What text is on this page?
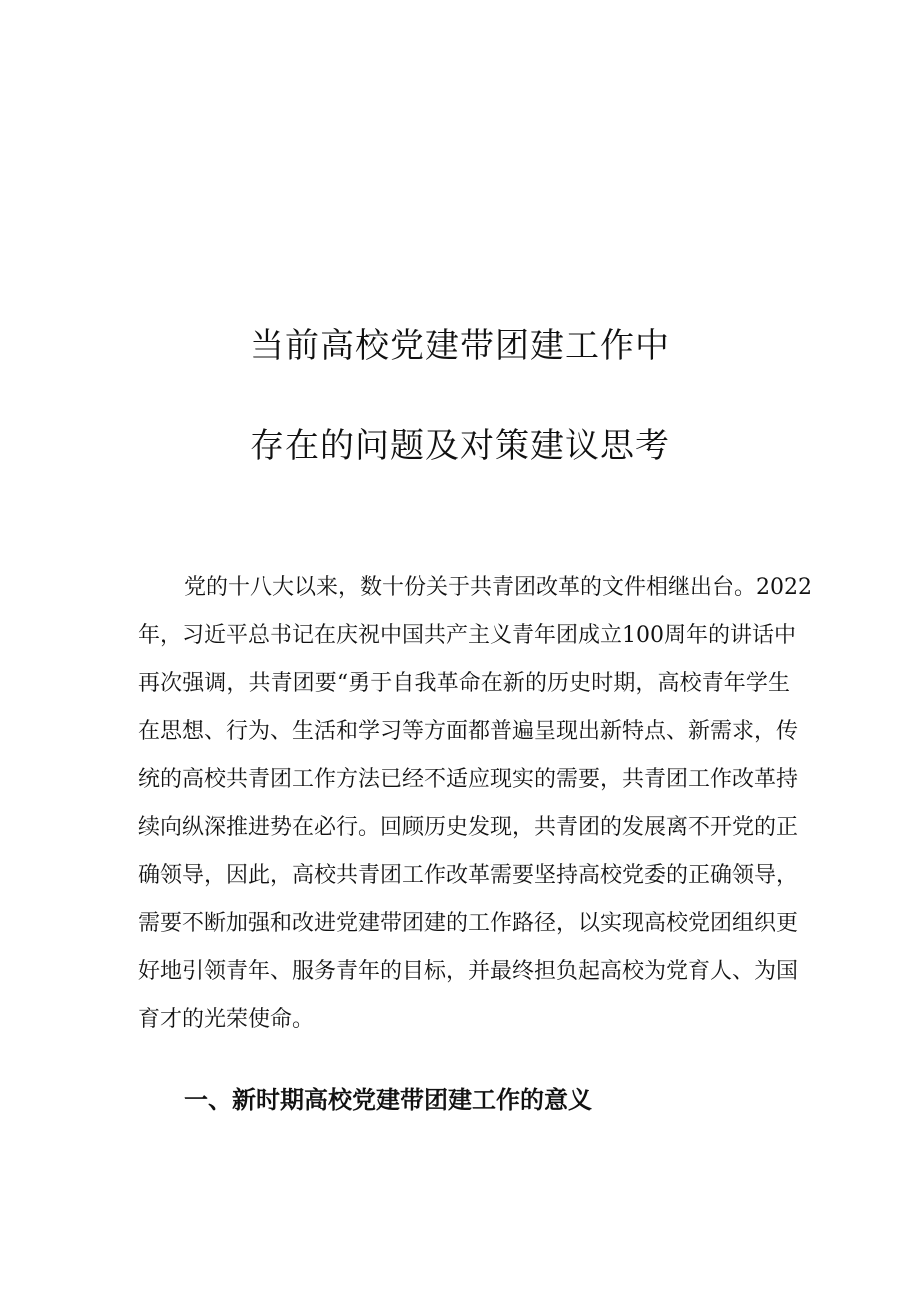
当前高校党建带团建工作中
存在的问题及对策建议思考
党的十八大以来，数十份关于共青团改革的文件相继出台。2022
年，习近平总书记在庆祝中国共产主义青年团成立100周年的讲话中
再次强调，共青团要“勇于自我革命在新的历史时期，高校青年学生
在思想、行为、生活和学习等方面都普遍呈现出新特点、新需求，传
统的高校共青团工作方法已经不适应现实的需要，共青团工作改革持
续向纵深推进势在必行。回顾历史发现，共青团的发展离不开党的正
确领导，因此，高校共青团工作改革需要坚持高校党委的正确领导，
需要不断加强和改进党建带团建的工作路径，以实现高校党团组织更
好地引领青年、服务青年的目标，并最终担负起高校为党育人、为国
育才的光荣使命。
一、新时期高校党建带团建工作的意义
